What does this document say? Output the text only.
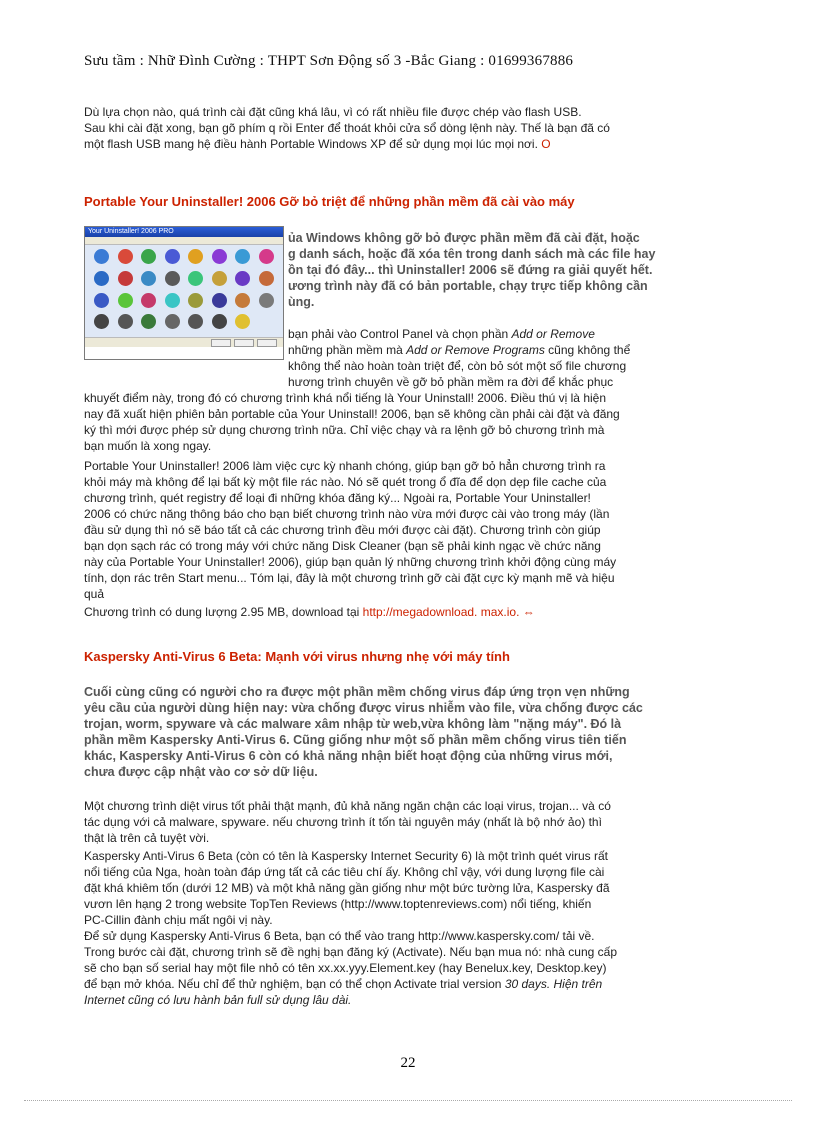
Sưu tầm : Nhữ Đình Cường : THPT Sơn Động số 3 -Bắc Giang : 01699367886
Dù lựa chọn nào, quá trình cài đặt cũng khá lâu, vì có rất nhiều file được chép vào flash USB.
Sau khi cài đặt xong, bạn gõ phím q rồi Enter để thoát khỏi cửa sổ dòng lệnh này. Thế là bạn đã có
một flash USB mang hệ điều hành Portable Windows XP để sử dụng mọi lúc mọi nơi. O
Portable Your Uninstaller! 2006 Gỡ bỏ triệt để những phần mềm đã cài vào máy
Your Uninstaller! 2006 PRO	ủa Windows không gỡ bỏ được phần mềm đã cài đặt, hoặc
g danh sách, hoặc đã xóa tên trong danh sách mà các file hay
ồn tại đó đây... thì Uninstaller! 2006 sẽ đứng ra giải quyết hết.
ương trình này đã có bản portable, chạy trực tiếp không cần
ùng.
bạn phải vào Control Panel và chọn phần Add or Remove
những phần mềm mà Add or Remove Programs cũng không thể
không thể nào hoàn toàn triệt để, còn bỏ sót một số file chương
hương trình chuyên về gỡ bỏ phần mềm ra đời để khắc phục
khuyết điểm này, trong đó có chương trình khá nổi tiếng là Your Uninstall! 2006. Điều thú vị là hiện
nay đã xuất hiện phiên bản portable của Your Uninstall! 2006, bạn sẽ không cần phải cài đặt và đăng
ký thì mới được phép sử dụng chương trình nữa. Chỉ việc chạy và ra lệnh gỡ bỏ chương trình mà
bạn muốn là xong ngay.
Portable Your Uninstaller! 2006 làm việc cực kỳ nhanh chóng, giúp bạn gỡ bỏ hẳn chương trình ra
khỏi máy mà không để lại bất kỳ một file rác nào. Nó sẽ quét trong ổ đĩa để dọn dẹp file cache của
chương trình, quét registry để loại đi những khóa đăng ký... Ngoài ra, Portable Your Uninstaller!
2006 có chức năng thông báo cho bạn biết chương trình nào vừa mới được cài vào trong máy (lần
đầu sử dụng thì nó sẽ báo tất cả các chương trình đều mới được cài đặt). Chương trình còn giúp
bạn dọn sạch rác có trong máy với chức năng Disk Cleaner (bạn sẽ phải kinh ngạc về chức năng
này của Portable Your Uninstaller! 2006), giúp bạn quản lý những chương trình khởi động cùng máy
tính, dọn rác trên Start menu... Tóm lại, đây là một chương trình gỡ cài đặt cực kỳ mạnh mẽ và hiệu
quả
Chương trình có dung lượng 2.95 MB, download tại http://megadownload. max.io. ⇔
Kaspersky Anti-Virus 6 Beta: Mạnh với virus nhưng nhẹ với máy tính
Cuối cùng cũng có người cho ra được một phần mềm chống virus đáp ứng trọn vẹn những
yêu cầu của người dùng hiện nay: vừa chống được virus nhiễm vào file, vừa chống được các
trojan, worm, spyware và các malware xâm nhập từ web,vừa không làm "nặng máy". Đó là
phần mềm Kaspersky Anti-Virus 6. Cũng giống như một số phần mềm chống virus tiên tiến
khác, Kaspersky Anti-Virus 6 còn có khả năng nhận biết hoạt động của những virus mới,
chưa được cập nhật vào cơ sở dữ liệu.
Một chương trình diệt virus tốt phải thật mạnh, đủ khả năng ngăn chận các loại virus, trojan... và có
tác dụng với cả malware, spyware. nếu chương trình ít tốn tài nguyên máy (nhất là bộ nhớ ảo) thì
thật là trên cả tuyệt vời.
Kaspersky Anti-Virus 6 Beta (còn có tên là Kaspersky Internet Security 6) là một trình quét virus rất
nổi tiếng của Nga, hoàn toàn đáp ứng tất cả các tiêu chí ấy. Không chỉ vậy, với dung lượng file cài
đặt khá khiêm tốn (dưới 12 MB) và một khả năng gần giống như một bức tường lửa, Kaspersky đã
vươn lên hạng 2 trong website TopTen Reviews (http://www.toptenreviews.com) nổi tiếng, khiến
PC-Cillin đành chịu mất ngôi vị này.
Để sử dụng Kaspersky Anti-Virus 6 Beta, bạn có thể vào trang http://www.kaspersky.com/ tải về.
Trong bước cài đặt, chương trình sẽ đề nghị bạn đăng ký (Activate). Nếu bạn mua nó: nhà cung cấp
sẽ cho bạn số serial hay một file nhỏ có tên xx.xx.yyy.Element.key (hay Benelux.key, Desktop.key)
để bạn mở khóa. Nếu chỉ để thử nghiệm, bạn có thể chọn Activate trial version 30 days. Hiện trên
Internet cũng có lưu hành bản full sử dụng lâu dài.
22
